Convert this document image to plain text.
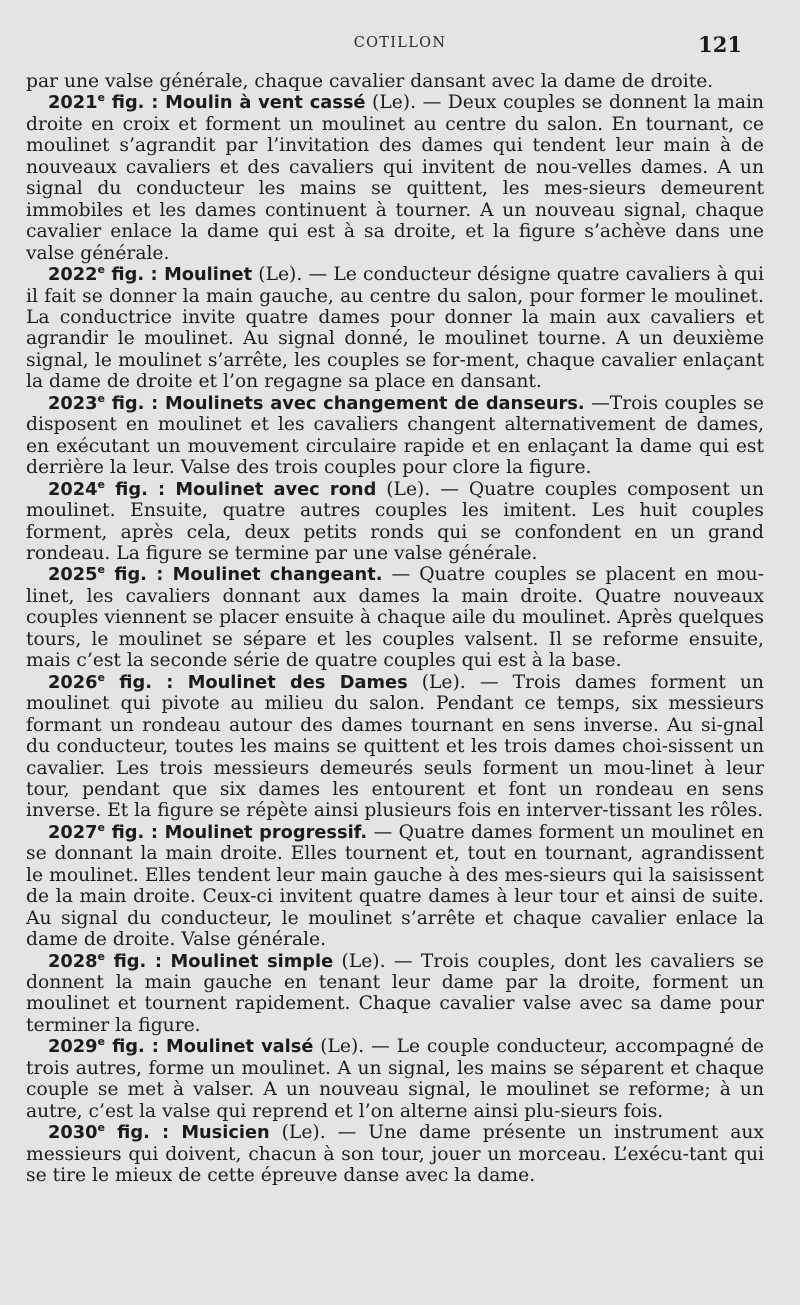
COTILLON	121

par une valse générale, chaque cavalier dansant avec la dame de droite.

2021e fig. : Moulin à vent cassé (Le). — Deux couples se donnent la main droite en croix et forment un moulinet au centre du salon. En tournant, ce moulinet s’agrandit par l’invitation des dames qui tendent leur main à de nouveaux cavaliers et des cavaliers qui invitent de nou-velles dames. A un signal du conducteur les mains se quittent, les mes-sieurs demeurent immobiles et les dames continuent à tourner. A un nouveau signal, chaque cavalier enlace la dame qui est à sa droite, et la figure s’achève dans une valse générale.

2022e fig. : Moulinet (Le). — Le conducteur désigne quatre cavaliers à qui il fait se donner la main gauche, au centre du salon, pour former le moulinet. La conductrice invite quatre dames pour donner la main aux cavaliers et agrandir le moulinet. Au signal donné, le moulinet tourne. A un deuxième signal, le moulinet s’arrête, les couples se for-ment, chaque cavalier enlaçant la dame de droite et l’on regagne sa place en dansant.

2023e fig. : Moulinets avec changement de danseurs. —Trois couples se disposent en moulinet et les cavaliers changent alternativement de dames, en exécutant un mouvement circulaire rapide et en enlaçant la dame qui est derrière la leur. Valse des trois couples pour clore la figure.

2024e fig. : Moulinet avec rond (Le). — Quatre couples composent un moulinet. Ensuite, quatre autres couples les imitent. Les huit couples forment, après cela, deux petits ronds qui se confondent en un grand rondeau. La figure se termine par une valse générale.

2025e fig. : Moulinet changeant. — Quatre couples se placent en mou-linet, les cavaliers donnant aux dames la main droite. Quatre nouveaux couples viennent se placer ensuite à chaque aile du moulinet. Après quelques tours, le moulinet se sépare et les couples valsent. Il se reforme ensuite, mais c’est la seconde série de quatre couples qui est à la base.

2026e fig. : Moulinet des Dames (Le). — Trois dames forment un moulinet qui pivote au milieu du salon. Pendant ce temps, six messieurs formant un rondeau autour des dames tournant en sens inverse. Au si-gnal du conducteur, toutes les mains se quittent et les trois dames choi-sissent un cavalier. Les trois messieurs demeurés seuls forment un mou-linet à leur tour, pendant que six dames les entourent et font un rondeau en sens inverse. Et la figure se répète ainsi plusieurs fois en interver-tissant les rôles.

2027e fig. : Moulinet progressif. — Quatre dames forment un moulinet en se donnant la main droite. Elles tournent et, tout en tournant, agrandissent le moulinet. Elles tendent leur main gauche à des mes-sieurs qui la saisissent de la main droite. Ceux-ci invitent quatre dames à leur tour et ainsi de suite. Au signal du conducteur, le moulinet s’arrête et chaque cavalier enlace la dame de droite. Valse générale.

2028e fig. : Moulinet simple (Le). — Trois couples, dont les cavaliers se donnent la main gauche en tenant leur dame par la droite, forment un moulinet et tournent rapidement. Chaque cavalier valse avec sa dame pour terminer la figure.

2029e fig. : Moulinet valsé (Le). — Le couple conducteur, accompagné de trois autres, forme un moulinet. A un signal, les mains se séparent et chaque couple se met à valser. A un nouveau signal, le moulinet se reforme; à un autre, c’est la valse qui reprend et l’on alterne ainsi plu-sieurs fois.

2030e fig. : Musicien (Le). — Une dame présente un instrument aux messieurs qui doivent, chacun à son tour, jouer un morceau. L’exécu-tant qui se tire le mieux de cette épreuve danse avec la dame.
